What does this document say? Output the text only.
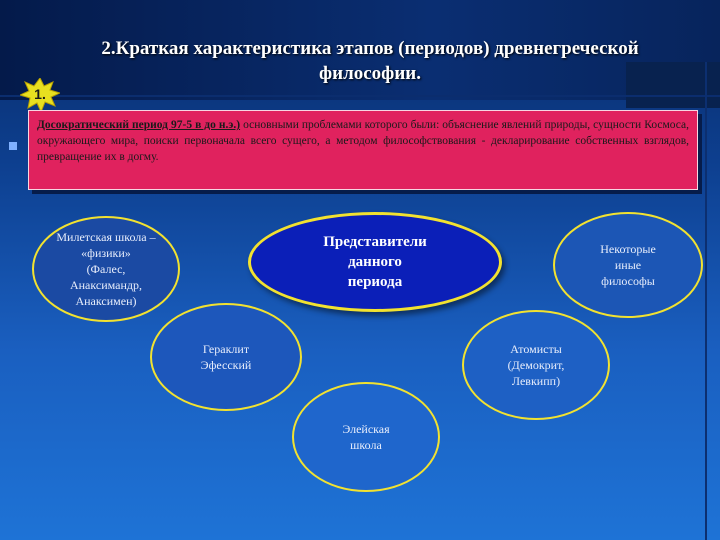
1.
2.Краткая характеристика этапов (периодов) древнегреческой философии.
Досократический период 97-5 в до н.э.) основными проблемами которого были: объяснение явлений природы, сущности Космоса, окружающего мира, поиски первоначала всего сущего, а методом философствования - декларирование собственных взглядов, превращение их в догму.
Милетская школа –
«физики»
(Фалес,
Анаксимандр,
Анаксимен)
Некоторые
иные
философы
Гераклит
Эфесский
Атомисты
(Демокрит,
Левкипп)
Элейская
школа
Представители
данного
периода
